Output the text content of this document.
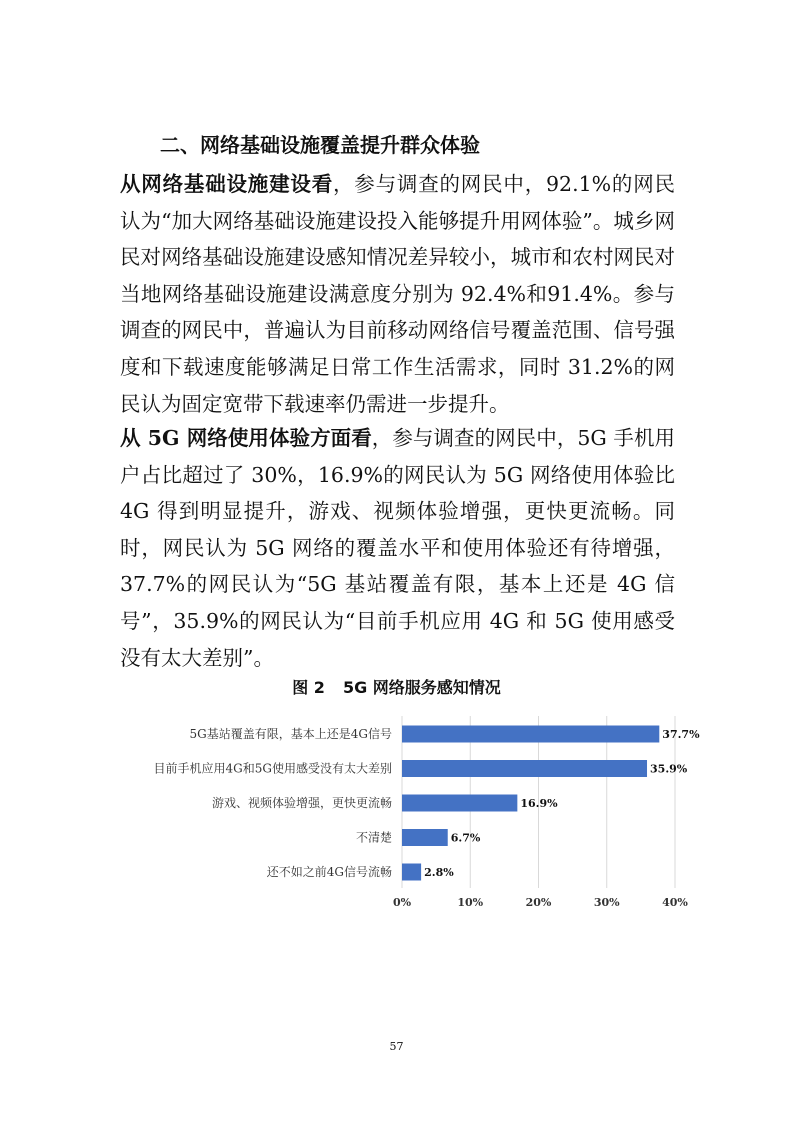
二、网络基础设施覆盖提升群众体验
从网络基础设施建设看，参与调查的网民中，92.1%的网民认为“加大网络基础设施建设投入能够提升用网体验”。城乡网民对网络基础设施建设感知情况差异较小，城市和农村网民对当地网络基础设施建设满意度分别为 92.4%和91.4%。参与调查的网民中，普遍认为目前移动网络信号覆盖范围、信号强度和下载速度能够满足日常工作生活需求，同时 31.2%的网民认为固定宽带下载速率仍需进一步提升。
从 5G 网络使用体验方面看，参与调查的网民中，5G 手机用户占比超过了 30%，16.9%的网民认为 5G 网络使用体验比 4G 得到明显提升，游戏、视频体验增强，更快更流畅。同时，网民认为 5G 网络的覆盖水平和使用体验还有待增强，37.7%的网民认为“5G 基站覆盖有限，基本上还是 4G 信号”，35.9%的网民认为“目前手机应用 4G 和 5G 使用感受没有太大差别”。
图 2 5G 网络服务感知情况
5G基站覆盖有限，基本上还是4G信号
目前手机应用4G和5G使用感受没有太大差别
游戏、视频体验增强，更快更流畅
不清楚
还不如之前4G信号流畅
37.7%
35.9%
16.9%
6.7%
2.8%
0%	10%	20%	30%	40%
57
